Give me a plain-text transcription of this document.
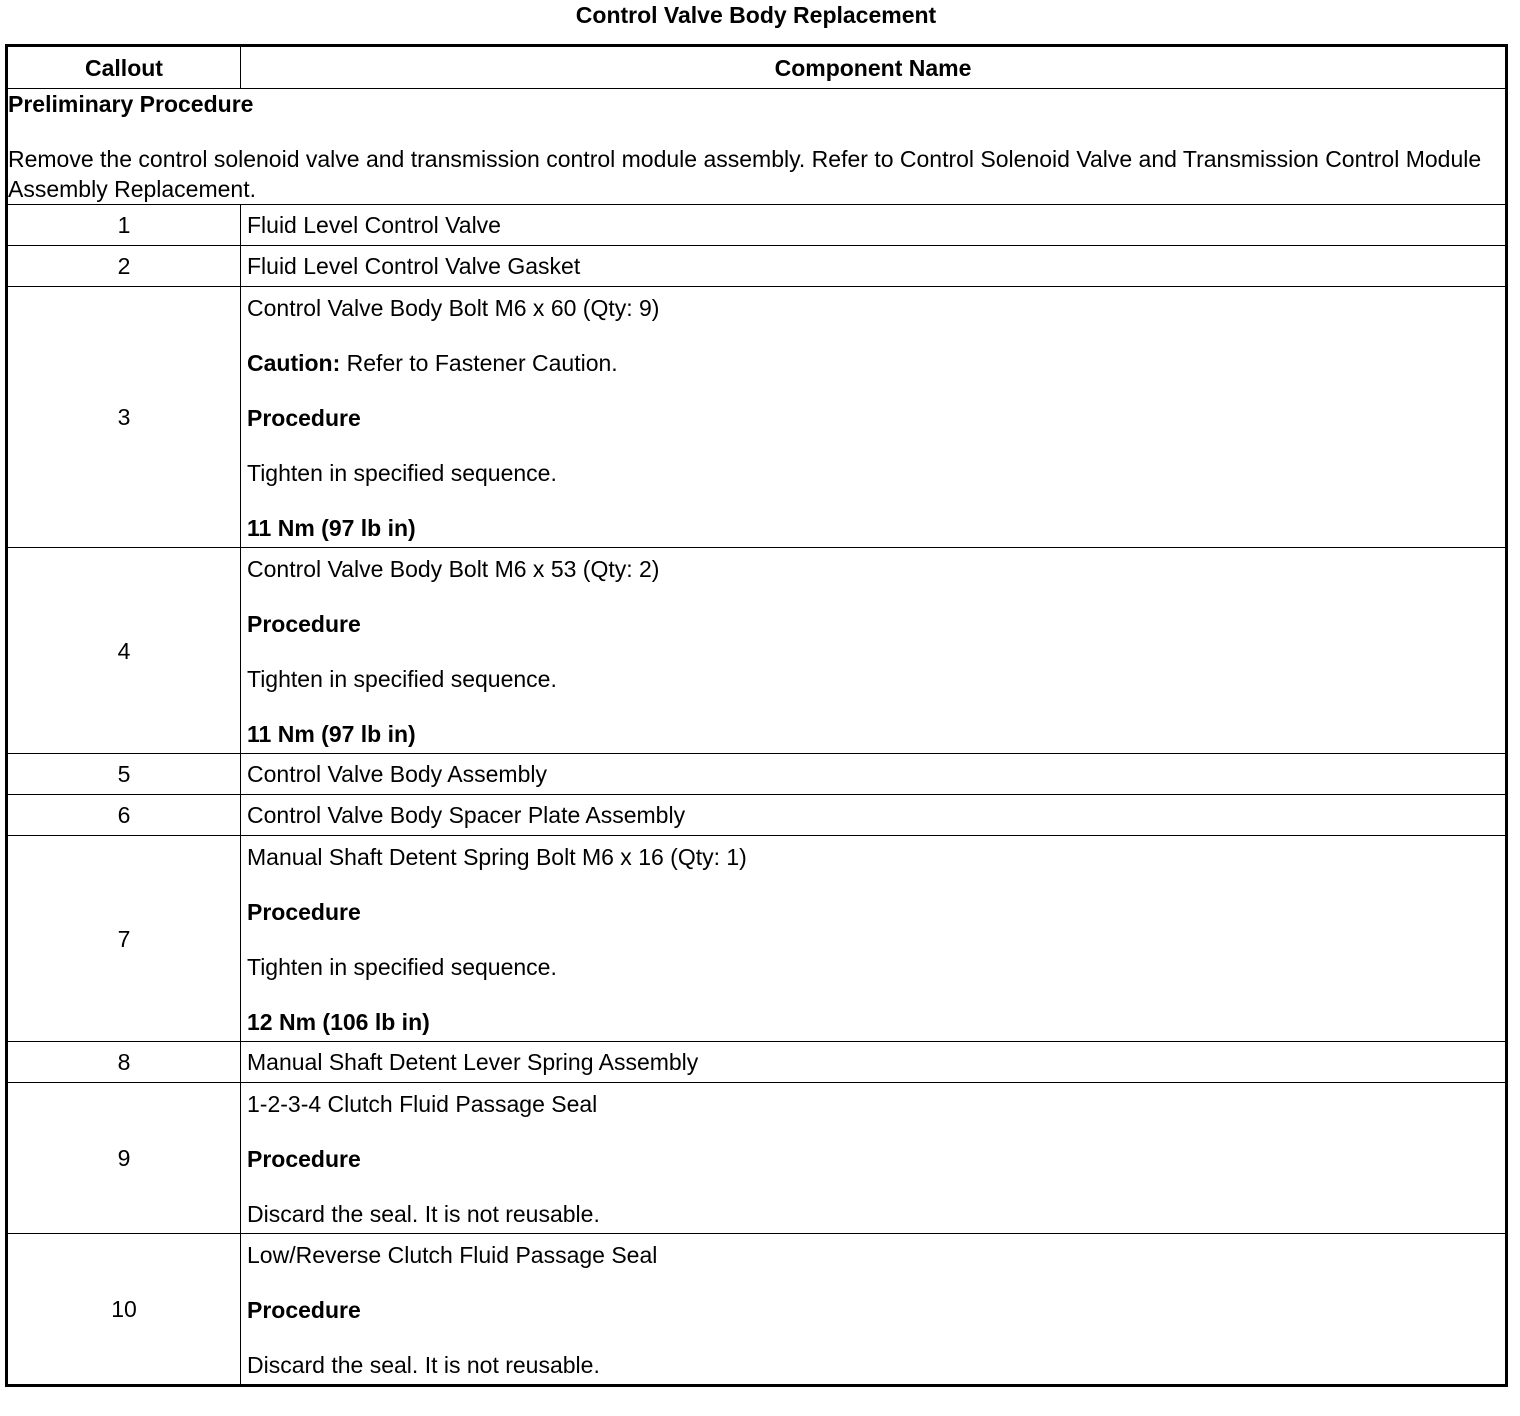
Control Valve Body Replacement
Callout	Component Name

Preliminary Procedure

Remove the control solenoid valve and transmission control module assembly. Refer to Control Solenoid Valve and Transmission Control Module Assembly Replacement.	

1	Fluid Level Control Valve
2	Fluid Level Control Valve Gasket
3	Control Valve Body Bolt M6 x 60 (Qty: 9)

Caution: Refer to Fastener Caution.

Procedure

Tighten in specified sequence.

11 Nm (97 lb in)

4	Control Valve Body Bolt M6 x 53 (Qty: 2)

Procedure

Tighten in specified sequence.

11 Nm (97 lb in)

5	Control Valve Body Assembly
6	Control Valve Body Spacer Plate Assembly
7	Manual Shaft Detent Spring Bolt M6 x 16 (Qty: 1)

Procedure

Tighten in specified sequence.

12 Nm (106 lb in)

8	Manual Shaft Detent Lever Spring Assembly
9	1-2-3-4 Clutch Fluid Passage Seal

Procedure

Discard the seal. It is not reusable.

10	Low/Reverse Clutch Fluid Passage Seal

Procedure

Discard the seal. It is not reusable.
